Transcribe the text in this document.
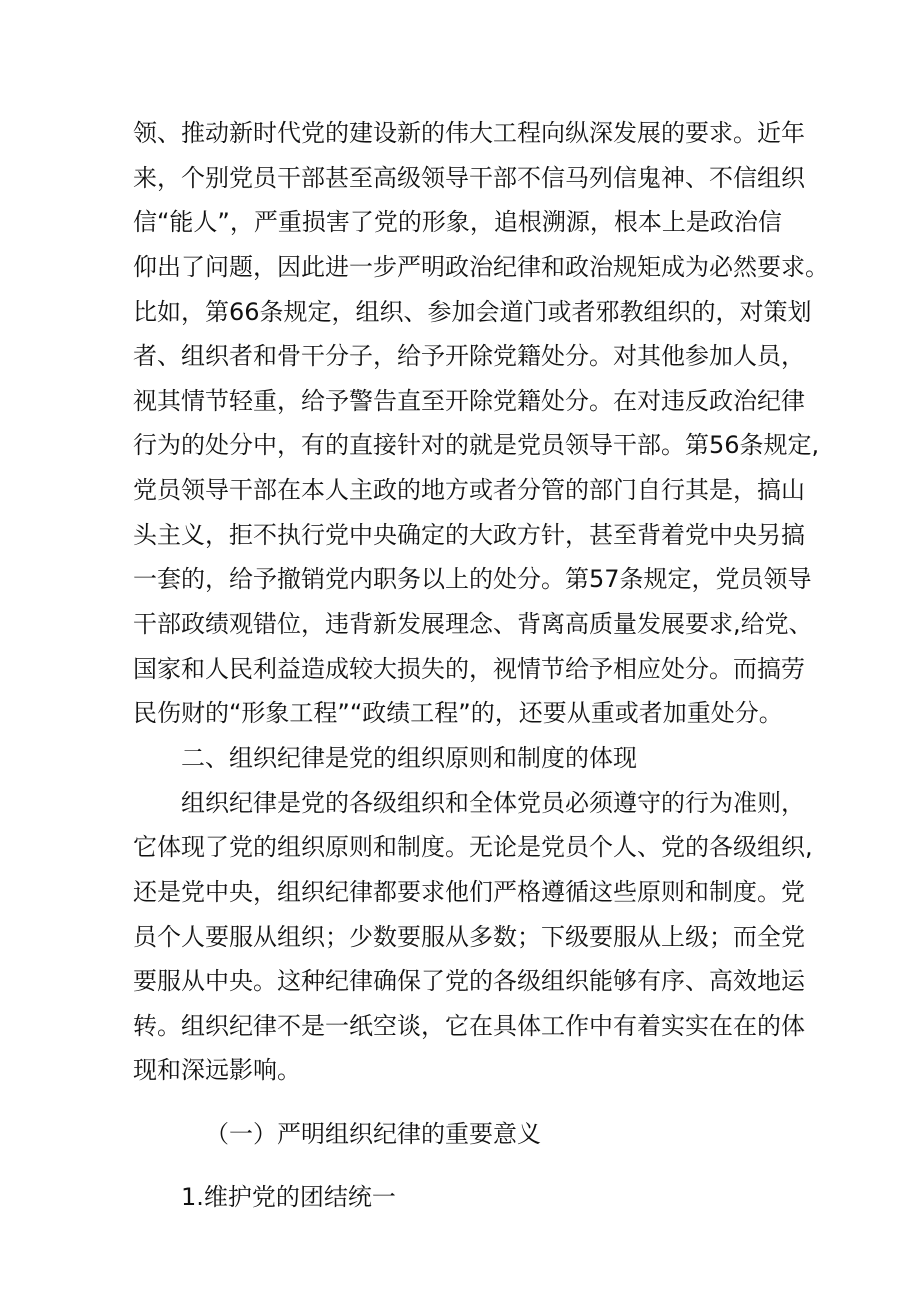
领、推动新时代党的建设新的伟大工程向纵深发展的要求。近年
来，个别党员干部甚至高级领导干部不信马列信鬼神、不信组织
信“能人”，严重损害了党的形象，追根溯源，根本上是政治信
仰出了问题，因此进一步严明政治纪律和政治规矩成为必然要求。
比如，第66条规定，组织、参加会道门或者邪教组织的，对策划
者、组织者和骨干分子，给予开除党籍处分。对其他参加人员，
视其情节轻重，给予警告直至开除党籍处分。在对违反政治纪律
行为的处分中，有的直接针对的就是党员领导干部。第56条规定,
党员领导干部在本人主政的地方或者分管的部门自行其是，搞山
头主义，拒不执行党中央确定的大政方针，甚至背着党中央另搞
一套的，给予撤销党内职务以上的处分。第57条规定，党员领导
干部政绩观错位，违背新发展理念、背离高质量发展要求,给党、
国家和人民利益造成较大损失的，视情节给予相应处分。而搞劳
民伤财的“形象工程”“政绩工程”的，还要从重或者加重处分。
二、组织纪律是党的组织原则和制度的体现
组织纪律是党的各级组织和全体党员必须遵守的行为准则，
它体现了党的组织原则和制度。无论是党员个人、党的各级组织,
还是党中央，组织纪律都要求他们严格遵循这些原则和制度。党
员个人要服从组织；少数要服从多数；下级要服从上级；而全党
要服从中央。这种纪律确保了党的各级组织能够有序、高效地运
转。组织纪律不是一纸空谈，它在具体工作中有着实实在在的体
现和深远影响。
（一）严明组织纪律的重要意义
1.维护党的团结统一
